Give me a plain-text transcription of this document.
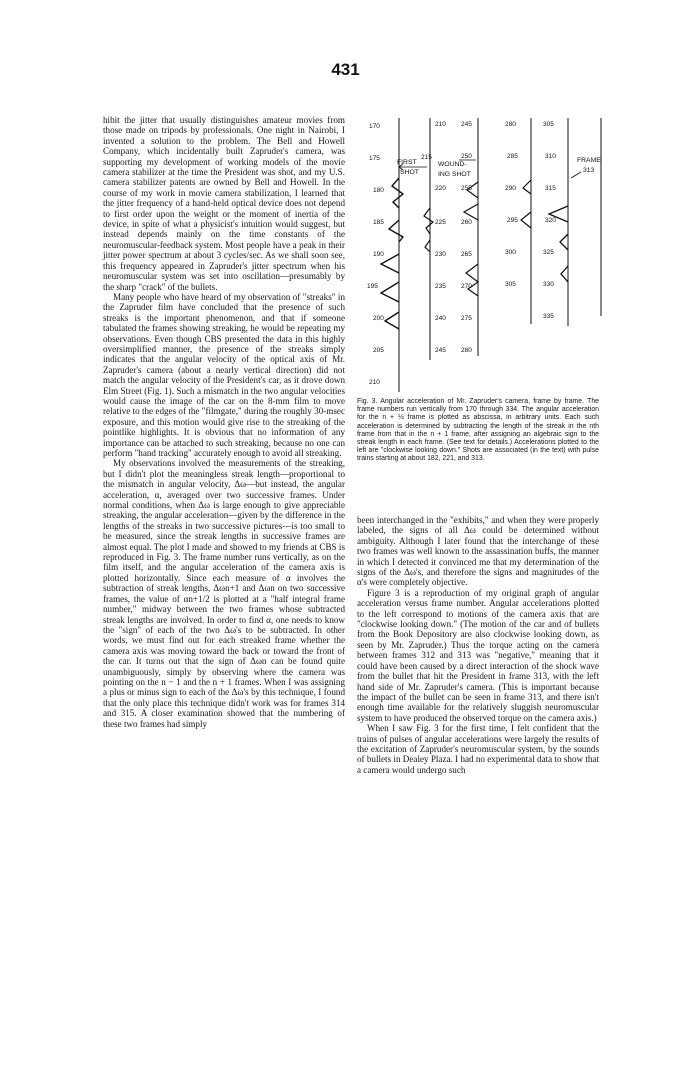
431

hibit the jitter that usually distinguishes amateur movies from those made on tripods by professionals. One night in Nairobi, I invented a solution to the problem. The Bell and Howell Company, which incidentally built Zapruder's camera, was supporting my development of working models of the movie camera stabilizer at the time the President was shot, and my U.S. camera stabilizer patents are owned by Bell and Howell. In the course of my work in movie camera stabilization, I learned that the jitter frequency of a hand-held optical device does not depend to first order upon the weight or the moment of inertia of the device, in spite of what a physicist's intuition would suggest, but instead depends mainly on the time constants of the neuromuscular-feedback system. Most people have a peak in their jitter power spectrum at about 3 cycles/sec. As we shall soon see, this frequency appeared in Zapruder's jitter spectrum when his neuromuscular system was set into oscillation—presumably by the sharp "crack" of the bullets.

Many people who have heard of my observation of "streaks" in the Zapruder film have concluded that the presence of such streaks is the important phenomenon, and that if someone tabulated the frames showing streaking, he would be repeating my observations. Even though CBS presented the data in this highly oversimplified manner, the presence of the streaks simply indicates that the angular velocity of the optical axis of Mr. Zapruder's camera (about a nearly vertical direction) did not match the angular velocity of the President's car, as it drove down Elm Street (Fig. 1). Such a mismatch in the two angular velocities would cause the image of the car on the 8-mm film to move relative to the edges of the "filmgate," during the roughly 30-msec exposure, and this motion would give rise to the streaking of the pointlike highlights. It is obvious that no information of any importance can be attached to such streaking, because no one can perform "hand tracking" accurately enough to avoid all streaking.

My observations involved the measurements of the streaking, but I didn't plot the meaningless streak length—proportional to the mismatch in angular velocity, Δω—but instead, the angular acceleration, α, averaged over two successive frames. Under normal conditions, when Δω is large enough to give appreciable streaking, the angular acceleration—given by the difference in the lengths of the streaks in two successive pictures—is too small to be measured, since the streak lengths in successive frames are almost equal. The plot I made and showed to my friends at CBS is reproduced in Fig. 3. The frame number runs vertically, as on the film itself, and the angular acceleration of the camera axis is plotted horizontally. Since each measure of α involves the subtraction of streak lengths, Δωn+1 and Δωn on two successive frames, the value of αn+1/2 is plotted at a "half integral frame number," midway between the two frames whose subtracted streak lengths are involved. In order to find α, one needs to know the "sign" of each of the two Δω's to be subtracted. In other words, we must find out for each streaked frame whether the camera axis was moving toward the back or toward the front of the car. It turns out that the sign of Δωn can be found quite unambiguously, simply by observing where the camera was pointing on the n − 1 and the n + 1 frames. When I was assigning a plus or minus sign to each of the Δω's by this technique, I found that the only place this technique didn't work was for frames 314 and 315. A closer examination showed that the numbering of these two frames had simply

170
175
180
185
190
195
200
205
210
210
215
220
225
230
235
240
245
FIRST
SHOT
245
250
255
260
265
270
275
280
WOUND-
ING SHOT
280
285
290
295
300
305
305
310
315
320
325
330
335
FRAME
313
Fig. 3. Angular acceleration of Mr. Zapruder's camera, frame by frame. The frame numbers run vertically from 170 through 334. The angular acceleration for the n + ½ frame is plotted as abscissa, in arbitrary units. Each such acceleration is determined by subtracting the length of the streak in the nth frame from that in the n + 1 frame, after assigning an algebraic sign to the streak length in each frame. (See text for details.) Accelerations plotted to the left are "clockwise looking down." Shots are associated (in the text) with pulse trains starting at about 182, 221, and 313.

been interchanged in the "exhibits," and when they were properly labeled, the signs of all Δω could be determined without ambiguity. Although I later found that the interchange of these two frames was well known to the assassination buffs, the manner in which I detected it convinced me that my determination of the signs of the Δω's, and therefore the signs and magnitudes of the α's were completely objective.

Figure 3 is a reproduction of my original graph of angular acceleration versus frame number. Angular accelerations plotted to the left correspond to motions of the camera axis that are "clockwise looking down." (The motion of the car and of bullets from the Book Depository are also clockwise looking down, as seen by Mr. Zapruder.) Thus the torque acting on the camera between frames 312 and 313 was "negative," meaning that it could have been caused by a direct interaction of the shock wave from the bullet that hit the President in frame 313, with the left hand side of Mr. Zapruder's camera. (This is important because the impact of the bullet can be seen in frame 313, and there isn't enough time available for the relatively sluggish neuromuscular system to have produced the observed torque on the camera axis.)

When I saw Fig. 3 for the first time, I felt confident that the trains of pulses of angular accelerations were largely the results of the excitation of Zapruder's neuromuscular system, by the sounds of bullets in Dealey Plaza. I had no experimental data to show that a camera would undergo such
